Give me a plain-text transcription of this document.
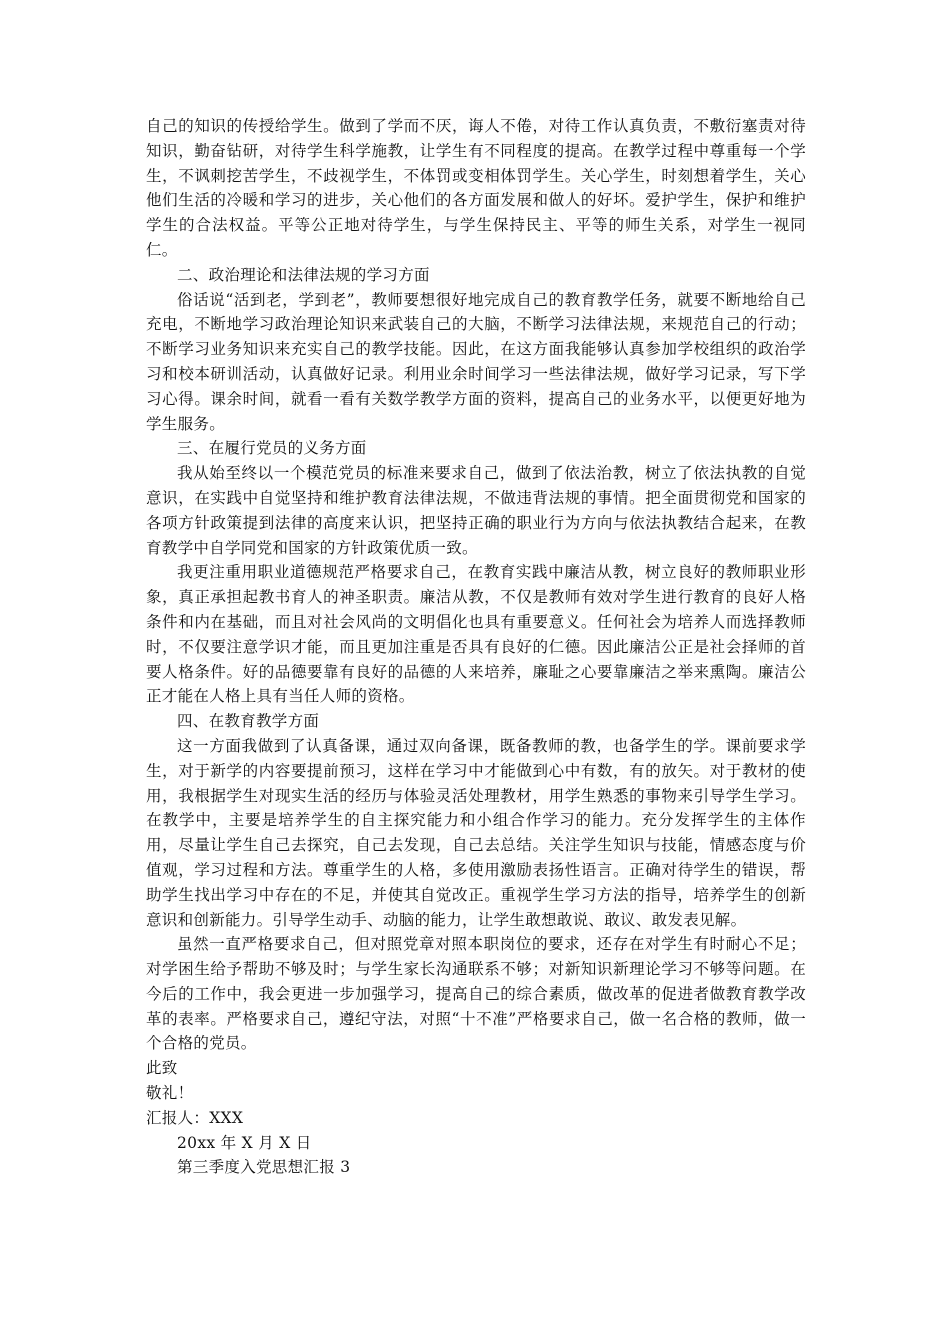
自己的知识的传授给学生。做到了学而不厌，诲人不倦，对待工作认真负责，不敷衍塞责对待知识，勤奋钻研，对待学生科学施教，让学生有不同程度的提高。在教学过程中尊重每一个学生，不讽刺挖苦学生，不歧视学生，不体罚或变相体罚学生。关心学生，时刻想着学生，关心他们生活的冷暖和学习的进步，关心他们的各方面发展和做人的好坏。爱护学生，保护和维护学生的合法权益。平等公正地对待学生，与学生保持民主、平等的师生关系，对学生一视同仁。

二、政治理论和法律法规的学习方面

俗话说“活到老，学到老”，教师要想很好地完成自己的教育教学任务，就要不断地给自己充电，不断地学习政治理论知识来武装自己的大脑，不断学习法律法规，来规范自己的行动；不断学习业务知识来充实自己的教学技能。因此，在这方面我能够认真参加学校组织的政治学习和校本研训活动，认真做好记录。利用业余时间学习一些法律法规，做好学习记录，写下学习心得。课余时间，就看一看有关数学教学方面的资料，提高自己的业务水平，以便更好地为学生服务。

三、在履行党员的义务方面

我从始至终以一个模范党员的标准来要求自己，做到了依法治教，树立了依法执教的自觉意识，在实践中自觉坚持和维护教育法律法规，不做违背法规的事情。把全面贯彻党和国家的各项方针政策提到法律的高度来认识，把坚持正确的职业行为方向与依法执教结合起来，在教育教学中自学同党和国家的方针政策优质一致。

我更注重用职业道德规范严格要求自己，在教育实践中廉洁从教，树立良好的教师职业形象，真正承担起教书育人的神圣职责。廉洁从教，不仅是教师有效对学生进行教育的良好人格条件和内在基础，而且对社会风尚的文明倡化也具有重要意义。任何社会为培养人而选择教师时，不仅要注意学识才能，而且更加注重是否具有良好的仁德。因此廉洁公正是社会择师的首要人格条件。好的品德要靠有良好的品德的人来培养，廉耻之心要靠廉洁之举来熏陶。廉洁公正才能在人格上具有当任人师的资格。

四、在教育教学方面

这一方面我做到了认真备课，通过双向备课，既备教师的教，也备学生的学。课前要求学生，对于新学的内容要提前预习，这样在学习中才能做到心中有数，有的放矢。对于教材的使用，我根据学生对现实生活的经历与体验灵活处理教材，用学生熟悉的事物来引导学生学习。在教学中，主要是培养学生的自主探究能力和小组合作学习的能力。充分发挥学生的主体作用，尽量让学生自己去探究，自己去发现，自己去总结。关注学生知识与技能，情感态度与价值观，学习过程和方法。尊重学生的人格，多使用激励表扬性语言。正确对待学生的错误，帮助学生找出学习中存在的不足，并使其自觉改正。重视学生学习方法的指导，培养学生的创新意识和创新能力。引导学生动手、动脑的能力，让学生敢想敢说、敢议、敢发表见解。

虽然一直严格要求自己，但对照党章对照本职岗位的要求，还存在对学生有时耐心不足；对学困生给予帮助不够及时；与学生家长沟通联系不够；对新知识新理论学习不够等问题。在今后的工作中，我会更进一步加强学习，提高自己的综合素质，做改革的促进者做教育教学改革的表率。严格要求自己，遵纪守法，对照“十不准”严格要求自己，做一名合格的教师，做一个合格的党员。

此致

敬礼！

汇报人：XXX

20xx 年 X 月 X 日

第三季度入党思想汇报 3
